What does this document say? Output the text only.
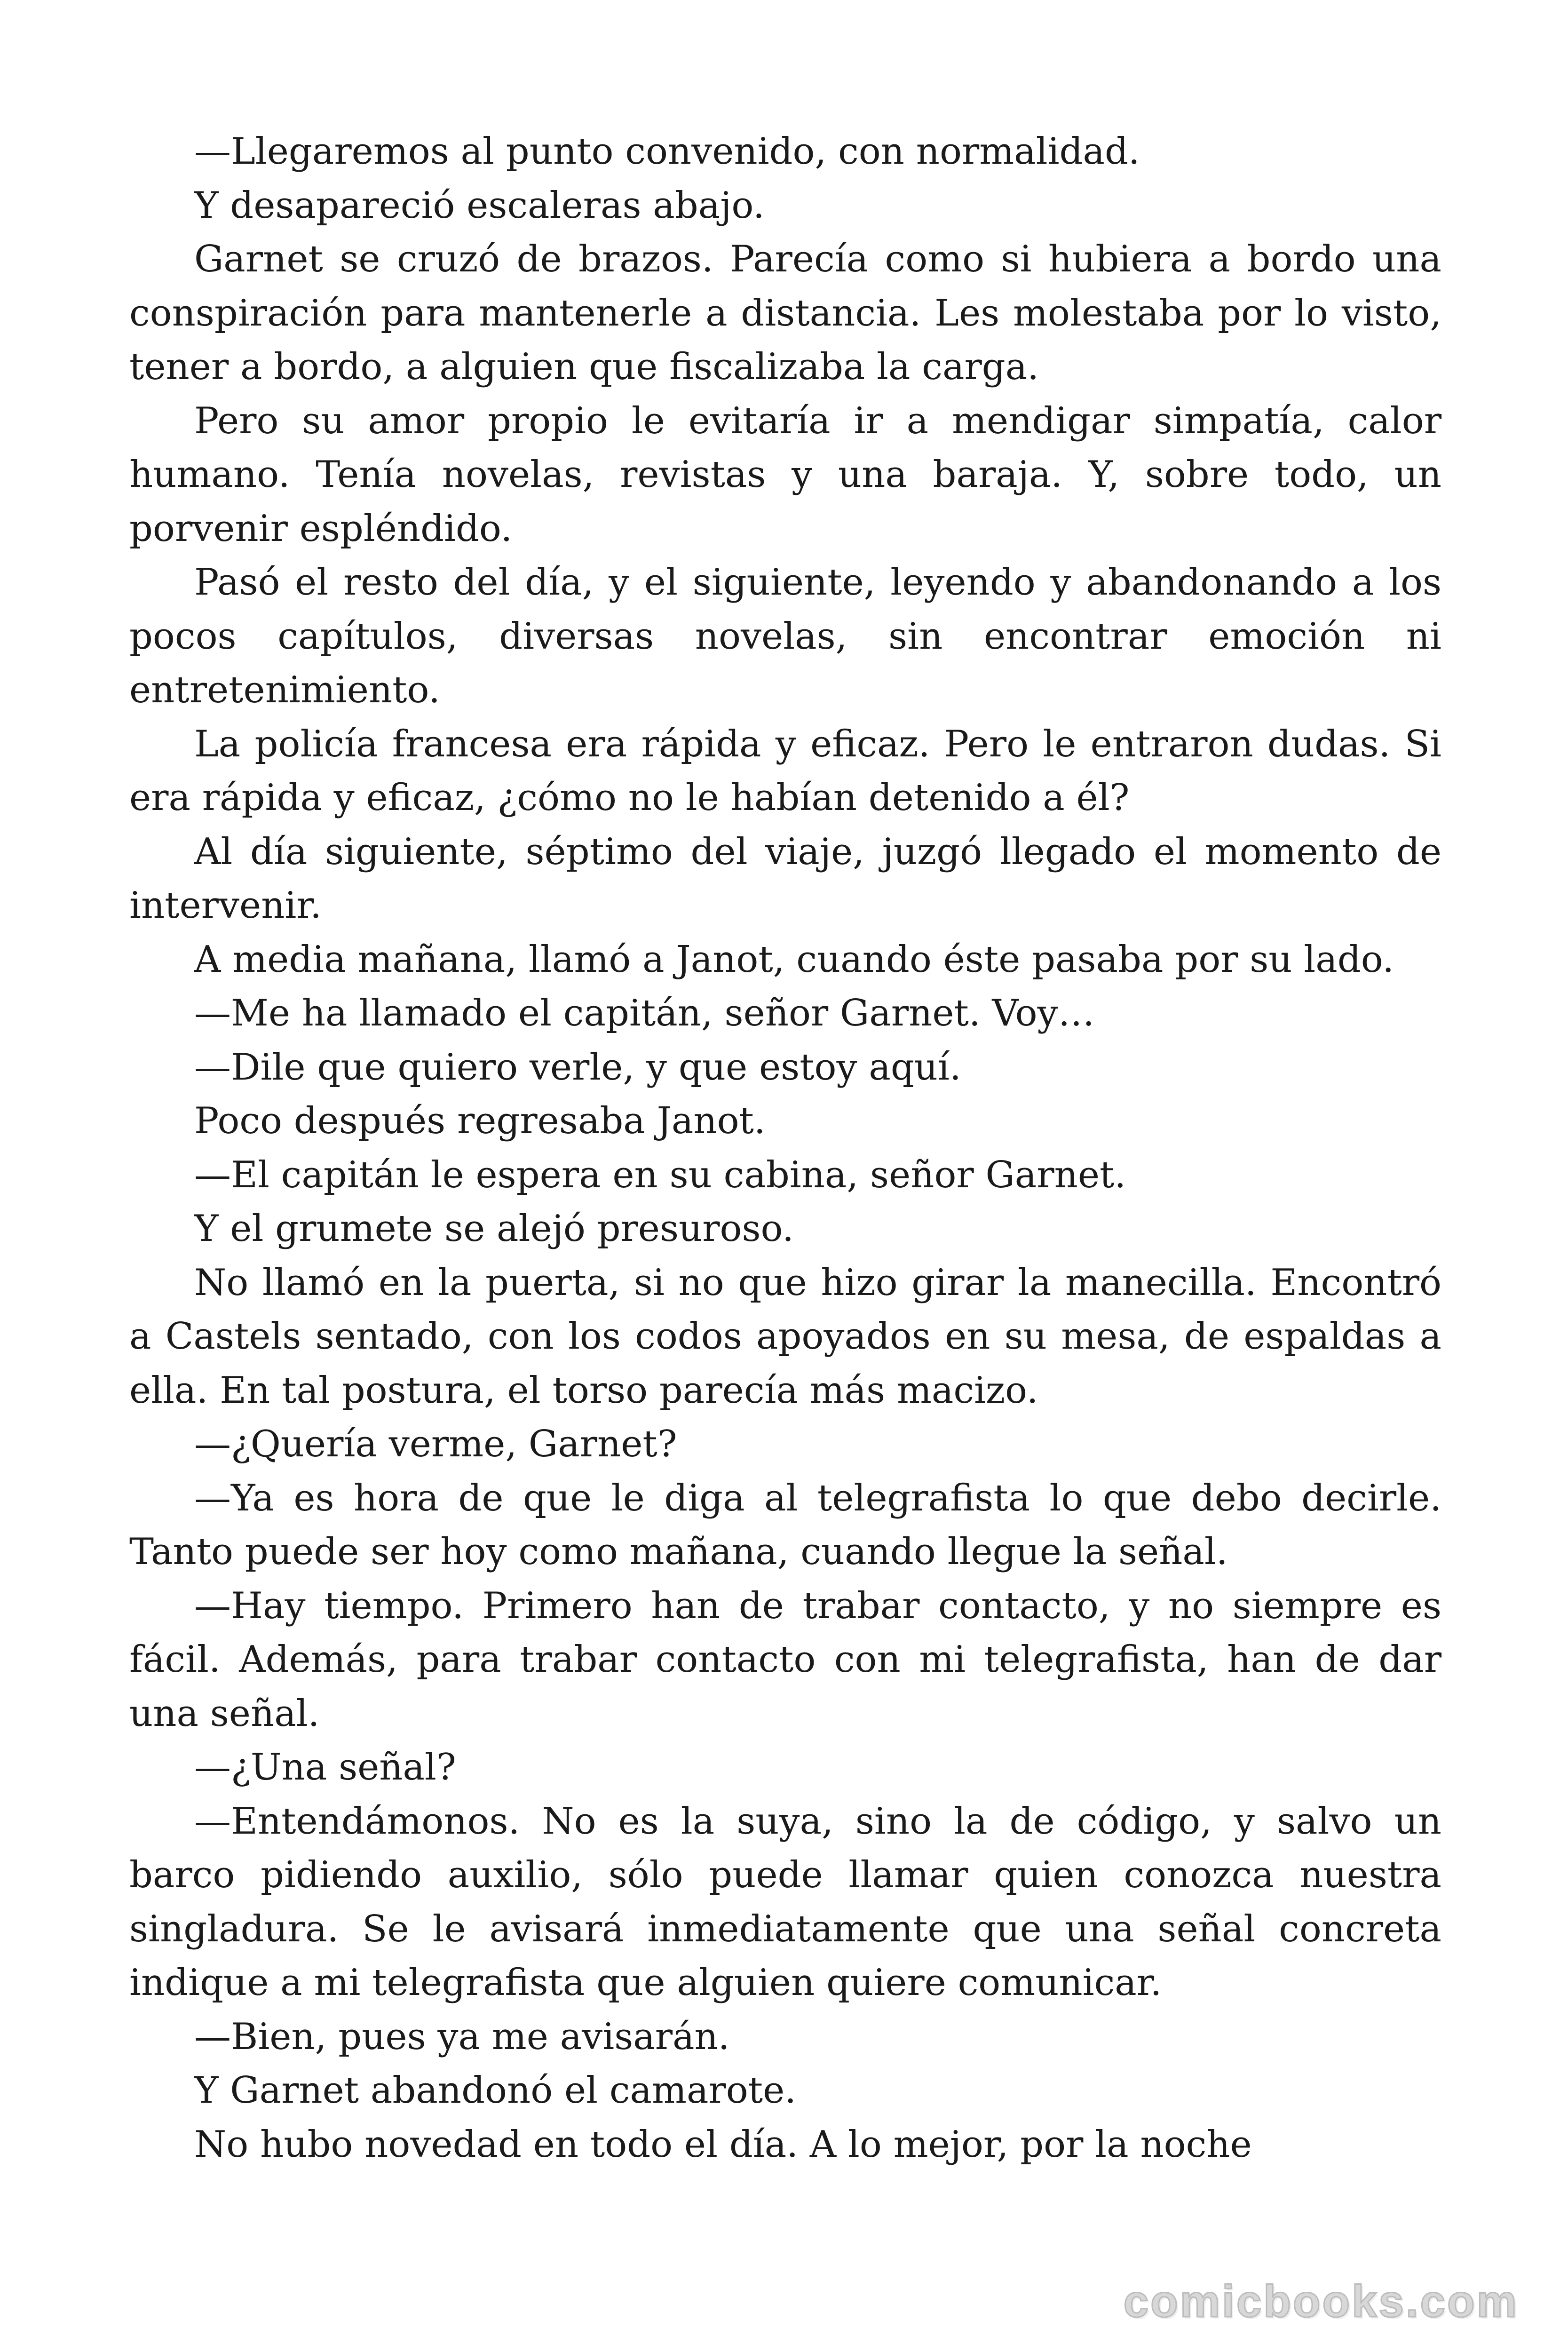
—Llegaremos al punto convenido, con normalidad.

Y desapareció escaleras abajo.

Garnet se cruzó de brazos. Parecía como si hubiera a bordo una conspiración para mantenerle a distancia. Les molestaba por lo visto, tener a bordo, a alguien que fiscalizaba la carga.

Pero su amor propio le evitaría ir a mendigar simpatía, calor humano. Tenía novelas, revistas y una baraja. Y, sobre todo, un porvenir espléndido.

Pasó el resto del día, y el siguiente, leyendo y abandonando a los pocos capítulos, diversas novelas, sin encontrar emoción ni entretenimiento.

La policía francesa era rápida y eficaz. Pero le entraron dudas. Si era rápida y eficaz, ¿cómo no le habían detenido a él?

Al día siguiente, séptimo del viaje, juzgó llegado el momento de intervenir.

A media mañana, llamó a Janot, cuando éste pasaba por su lado.

—Me ha llamado el capitán, señor Garnet. Voy…

—Dile que quiero verle, y que estoy aquí.

Poco después regresaba Janot.

—El capitán le espera en su cabina, señor Garnet.

Y el grumete se alejó presuroso.

No llamó en la puerta, si no que hizo girar la manecilla. Encontró a Castels sentado, con los codos apoyados en su mesa, de espaldas a ella. En tal postura, el torso parecía más macizo.

—¿Quería verme, Garnet?

—Ya es hora de que le diga al telegrafista lo que debo decirle. Tanto puede ser hoy como mañana, cuando llegue la señal.

—Hay tiempo. Primero han de trabar contacto, y no siempre es fácil. Además, para trabar contacto con mi telegrafista, han de dar una señal.

—¿Una señal?

—Entendámonos. No es la suya, sino la de código, y salvo un barco pidiendo auxilio, sólo puede llamar quien conozca nuestra singladura. Se le avisará inmediatamente que una señal concreta indique a mi telegrafista que alguien quiere comunicar.

—Bien, pues ya me avisarán.

Y Garnet abandonó el camarote.

No hubo novedad en todo el día. A lo mejor, por la noche

comicbooks.com
